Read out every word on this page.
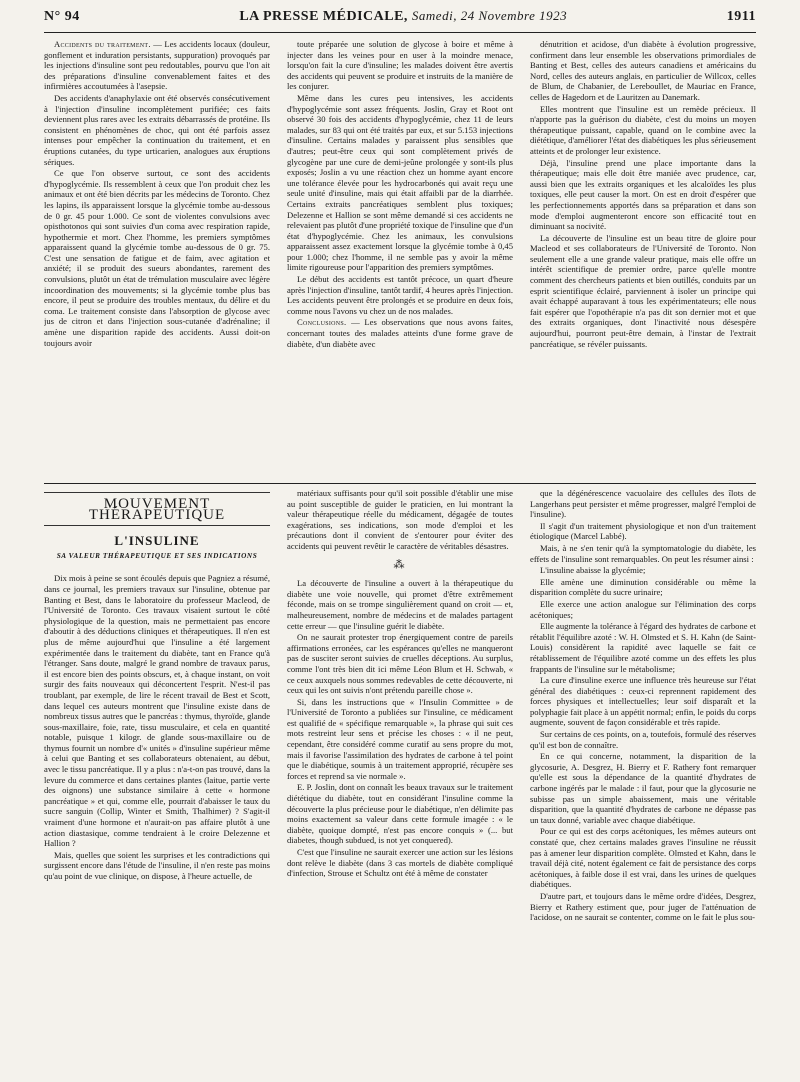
N° 94	LA PRESSE MÉDICALE, Samedi, 24 Novembre 1923	1911

Accidents du traitement. — Les accidents locaux (douleur, gonflement et induration persistants, suppuration) provoqués par les injections d'insuline sont peu redoutables, pourvu que l'on ait des préparations d'insuline convenablement faites et des infirmières accoutumées à l'asepsie.

Des accidents d'anaphylaxie ont été observés consécutivement à l'injection d'insuline incomplètement purifiée; ces faits deviennent plus rares avec les extraits débarrassés de protéine. Ils consistent en phénomènes de choc, qui ont été parfois assez intenses pour empêcher la continuation du traitement, et en éruptions cutanées, du type urticarien, analogues aux éruptions sériques.

Ce que l'on observe surtout, ce sont des accidents d'hypoglycémie. Ils ressemblent à ceux que l'on produit chez les animaux et ont été bien décrits par les médecins de Toronto. Chez les lapins, ils apparaissent lorsque la glycémie tombe au-dessous de 0 gr. 45 pour 1.000. Ce sont de violentes convulsions avec opisthotonos qui sont suivies d'un coma avec respiration rapide, hypothermie et mort. Chez l'homme, les premiers symptômes apparaissent quand la glycémie tombe au-dessous de 0 gr. 75. C'est une sensation de fatigue et de faim, avec agitation et anxiété; il se produit des sueurs abondantes, rarement des convulsions, plutôt un état de trémulation musculaire avec légère incoordination des mouvements; si la glycémie tombe plus bas encore, il peut se produire des troubles mentaux, du délire et du coma. Le traitement consiste dans l'absorption de glycose avec jus de citron et dans l'injection sous-cutanée d'adrénaline; il amène une disparition rapide des accidents. Aussi doit-on toujours avoir

toute préparée une solution de glycose à boire et même à injecter dans les veines pour en user à la moindre menace, lorsqu'on fait la cure d'insuline; les malades doivent être avertis des accidents qui peuvent se produire et instruits de la manière de les conjurer.

Même dans les cures peu intensives, les accidents d'hypoglycémie sont assez fréquents. Joslin, Gray et Root ont observé 30 fois des accidents d'hypoglycémie, chez 11 de leurs malades, sur 83 qui ont été traités par eux, et sur 5.153 injections d'insuline. Certains malades y paraissent plus sensibles que d'autres; peut-être ceux qui sont complètement privés de glycogène par une cure de demi-jeûne prolongée y sont-ils plus exposés; Joslin a vu une réaction chez un homme ayant encore une tolérance élevée pour les hydrocarbonés qui avait reçu une seule unité d'insuline, mais qui était affaibli par de la diarrhée. Certains extraits pancréatiques semblent plus toxiques; Delezenne et Hallion se sont même demandé si ces accidents ne relevaient pas plutôt d'une propriété toxique de l'insuline que d'un état d'hypoglycémie. Chez les animaux, les convulsions apparaissent assez exactement lorsque la glycémie tombe à 0,45 pour 1.000; chez l'homme, il ne semble pas y avoir la même limite rigoureuse pour l'apparition des premiers symptômes.

Le début des accidents est tantôt précoce, un quart d'heure après l'injection d'insuline, tantôt tardif, 4 heures après l'injection. Les accidents peuvent être prolongés et se produire en deux fois, comme nous l'avons vu chez un de nos malades.

Conclusions. — Les observations que nous avons faites, concernant toutes des malades atteints d'une forme grave de diabète, d'un diabète avec

dénutrition et acidose, d'un diabète à évolution progressive, confirment dans leur ensemble les observations primordiales de Banting et Best, celles des auteurs canadiens et américains du Nord, celles des auteurs anglais, en particulier de Willcox, celles de Blum, de Chabanier, de Lereboullet, de Mauriac en France, celles de Hagedorn et de Lauritzen au Danemark.

Elles montrent que l'insuline est un remède précieux. Il n'apporte pas la guérison du diabète, c'est du moins un moyen thérapeutique puissant, capable, quand on le combine avec la diététique, d'améliorer l'état des diabétiques les plus sérieusement atteints et de prolonger leur existence.

Déjà, l'insuline prend une place importante dans la thérapeutique; mais elle doit être maniée avec prudence, car, aussi bien que les extraits organiques et les alcaloïdes les plus toxiques, elle peut causer la mort. On est en droit d'espérer que les perfectionnements apportés dans sa préparation et dans son mode d'emploi augmenteront encore son efficacité tout en diminuant sa nocivité.

La découverte de l'insuline est un beau titre de gloire pour Macleod et ses collaborateurs de l'Université de Toronto. Non seulement elle a une grande valeur pratique, mais elle offre un intérêt scientifique de premier ordre, parce qu'elle montre comment des chercheurs patients et bien outillés, conduits par un esprit scientifique éclairé, parviennent à isoler un principe qui avait échappé auparavant à tous les expérimentateurs; elle nous fait espérer que l'opothérapie n'a pas dit son dernier mot et que des extraits organiques, dont l'inactivité nous désespère aujourd'hui, pourront peut-être demain, à l'instar de l'extrait pancréatique, se révéler puissants.

MOUVEMENT THÉRAPEUTIQUE
L'INSULINE
SA VALEUR THÉRAPEUTIQUE ET SES INDICATIONS

Dix mois à peine se sont écoulés depuis que Pagniez a résumé, dans ce journal, les premiers travaux sur l'insuline, obtenue par Banting et Best, dans le laboratoire du professeur Macleod, de l'Université de Toronto. Ces travaux visaient surtout le côté physiologique de la question, mais ne permettaient pas encore d'aboutir à des déductions cliniques et thérapeutiques. Il n'en est plus de même aujourd'hui que l'insuline a été largement expérimentée dans le traitement du diabète, tant en France qu'à l'étranger. Sans doute, malgré le grand nombre de travaux parus, il est encore bien des points obscurs, et, à chaque instant, on voit surgir des faits nouveaux qui déconcertent l'esprit. N'est-il pas troublant, par exemple, de lire le récent travail de Best et Scott, dans lequel ces auteurs montrent que l'insuline existe dans de nombreux tissus autres que le pancréas : thymus, thyroïde, glande sous-maxillaire, foie, rate, tissu musculaire, et cela en quantité notable, puisque 1 kilogr. de glande sous-maxillaire ou de thymus fournit un nombre d'« unités » d'insuline supérieur même à celui que Banting et ses collaborateurs obtenaient, au début, avec le tissu pancréatique. Il y a plus : n'a-t-on pas trouvé, dans la levure du commerce et dans certaines plantes (laitue, partie verte des oignons) une substance similaire à cette « hormone pancréatique » et qui, comme elle, pourrait d'abaisser le taux du sucre sanguin (Collip, Winter et Smith, Thalhimer) ? S'agit-il vraiment d'une hormone et n'aurait-on pas affaire plutôt à une action diastasique, comme tendraient à le croire Delezenne et Hallion ?

Mais, quelles que soient les surprises et les contradictions qui surgissent encore dans l'étude de l'insuline, il n'en reste pas moins qu'au point de vue clinique, on dispose, à l'heure actuelle, de

matériaux suffisants pour qu'il soit possible d'établir une mise au point susceptible de guider le praticien, en lui montrant la valeur thérapeutique réelle du médicament, dégagée de toutes exagérations, ses indications, son mode d'emploi et les précautions dont il convient de s'entourer pour éviter des accidents qui peuvent revêtir le caractère de véritables désastres.

⁂

La découverte de l'insuline a ouvert à la thérapeutique du diabète une voie nouvelle, qui promet d'être extrêmement féconde, mais on se trompe singulièrement quand on croit — et, malheureusement, nombre de médecins et de malades partagent cette erreur — que l'insuline guérit le diabète.

On ne saurait protester trop énergiquement contre de pareils affirmations erronées, car les espérances qu'elles ne manqueront pas de susciter seront suivies de cruelles déceptions. Au surplus, comme l'ont très bien dit ici même Léon Blum et H. Schwab, « ce ceux auxquels nous sommes redevables de cette découverte, ni ceux qui les ont suivis n'ont prétendu pareille chose ».

Si, dans les instructions que « l'Insulin Committee » de l'Université de Toronto a publiées sur l'insuline, ce médicament est qualifié de « spécifique remarquable », la phrase qui suit ces mots restreint leur sens et précise les choses : « il ne peut, cependant, être considéré comme curatif au sens propre du mot, mais il favorise l'assimilation des hydrates de carbone à tel point que le diabétique, soumis à un traitement approprié, récupère ses forces et reprend sa vie normale ».

E. P. Joslin, dont on connaît les beaux travaux sur le traitement diététique du diabète, tout en considérant l'insuline comme la découverte la plus précieuse pour le diabétique, n'en délimite pas moins exactement sa valeur dans cette formule imagée : « le diabète, quoique dompté, n'est pas encore conquis » (... but diabetes, though subdued, is not yet conquered).

C'est que l'insuline ne saurait exercer une action sur les lésions dont relève le diabète (dans 3 cas mortels de diabète compliqué d'infection, Strouse et Schultz ont été à même de constater

que la dégénérescence vacuolaire des cellules des îlots de Langerhans peut persister et même progresser, malgré l'emploi de l'insuline).

Il s'agit d'un traitement physiologique et non d'un traitement étiologique (Marcel Labbé).

Mais, à ne s'en tenir qu'à la symptomatologie du diabète, les effets de l'insuline sont remarquables. On peut les résumer ainsi :

L'insuline abaisse la glycémie;

Elle amène une diminution considérable ou même la disparition complète du sucre urinaire;

Elle exerce une action analogue sur l'élimination des corps acétoniques;

Elle augmente la tolérance à l'égard des hydrates de carbone et rétablit l'équilibre azoté : W. H. Olmsted et S. H. Kahn (de Saint-Louis) considèrent la rapidité avec laquelle se fait ce rétablissement de l'équilibre azoté comme un des effets les plus frappants de l'insuline sur le métabolisme;

La cure d'insuline exerce une influence très heureuse sur l'état général des diabétiques : ceux-ci reprennent rapidement des forces physiques et intellectuelles; leur soif disparaît et la polyphagie fait place à un appétit normal; enfin, le poids du corps augmente, souvent de façon considérable et très rapide.

Sur certains de ces points, on a, toutefois, formulé des réserves qu'il est bon de connaître.

En ce qui concerne, notamment, la disparition de la glycosurie, A. Desgrez, H. Bierry et F. Rathery font remarquer qu'elle est sous la dépendance de la quantité d'hydrates de carbone ingérés par le malade : il faut, pour que la glycosurie ne subisse pas un simple abaissement, mais une véritable disparition, que la quantité d'hydrates de carbone ne dépasse pas un taux donné, variable avec chaque diabétique.

Pour ce qui est des corps acétoniques, les mêmes auteurs ont constaté que, chez certains malades graves l'insuline ne réussit pas à amener leur disparition complète. Olmsted et Kahn, dans le travail déjà cité, notent également ce fait de persistance des corps acétoniques, à faible dose il est vrai, dans les urines de quelques diabétiques.

D'autre part, et toujours dans le même ordre d'idées, Desgrez, Bierry et Rathery estiment que, pour juger de l'atténuation de l'acidose, on ne saurait se contenter, comme on le fait le plus sou-
